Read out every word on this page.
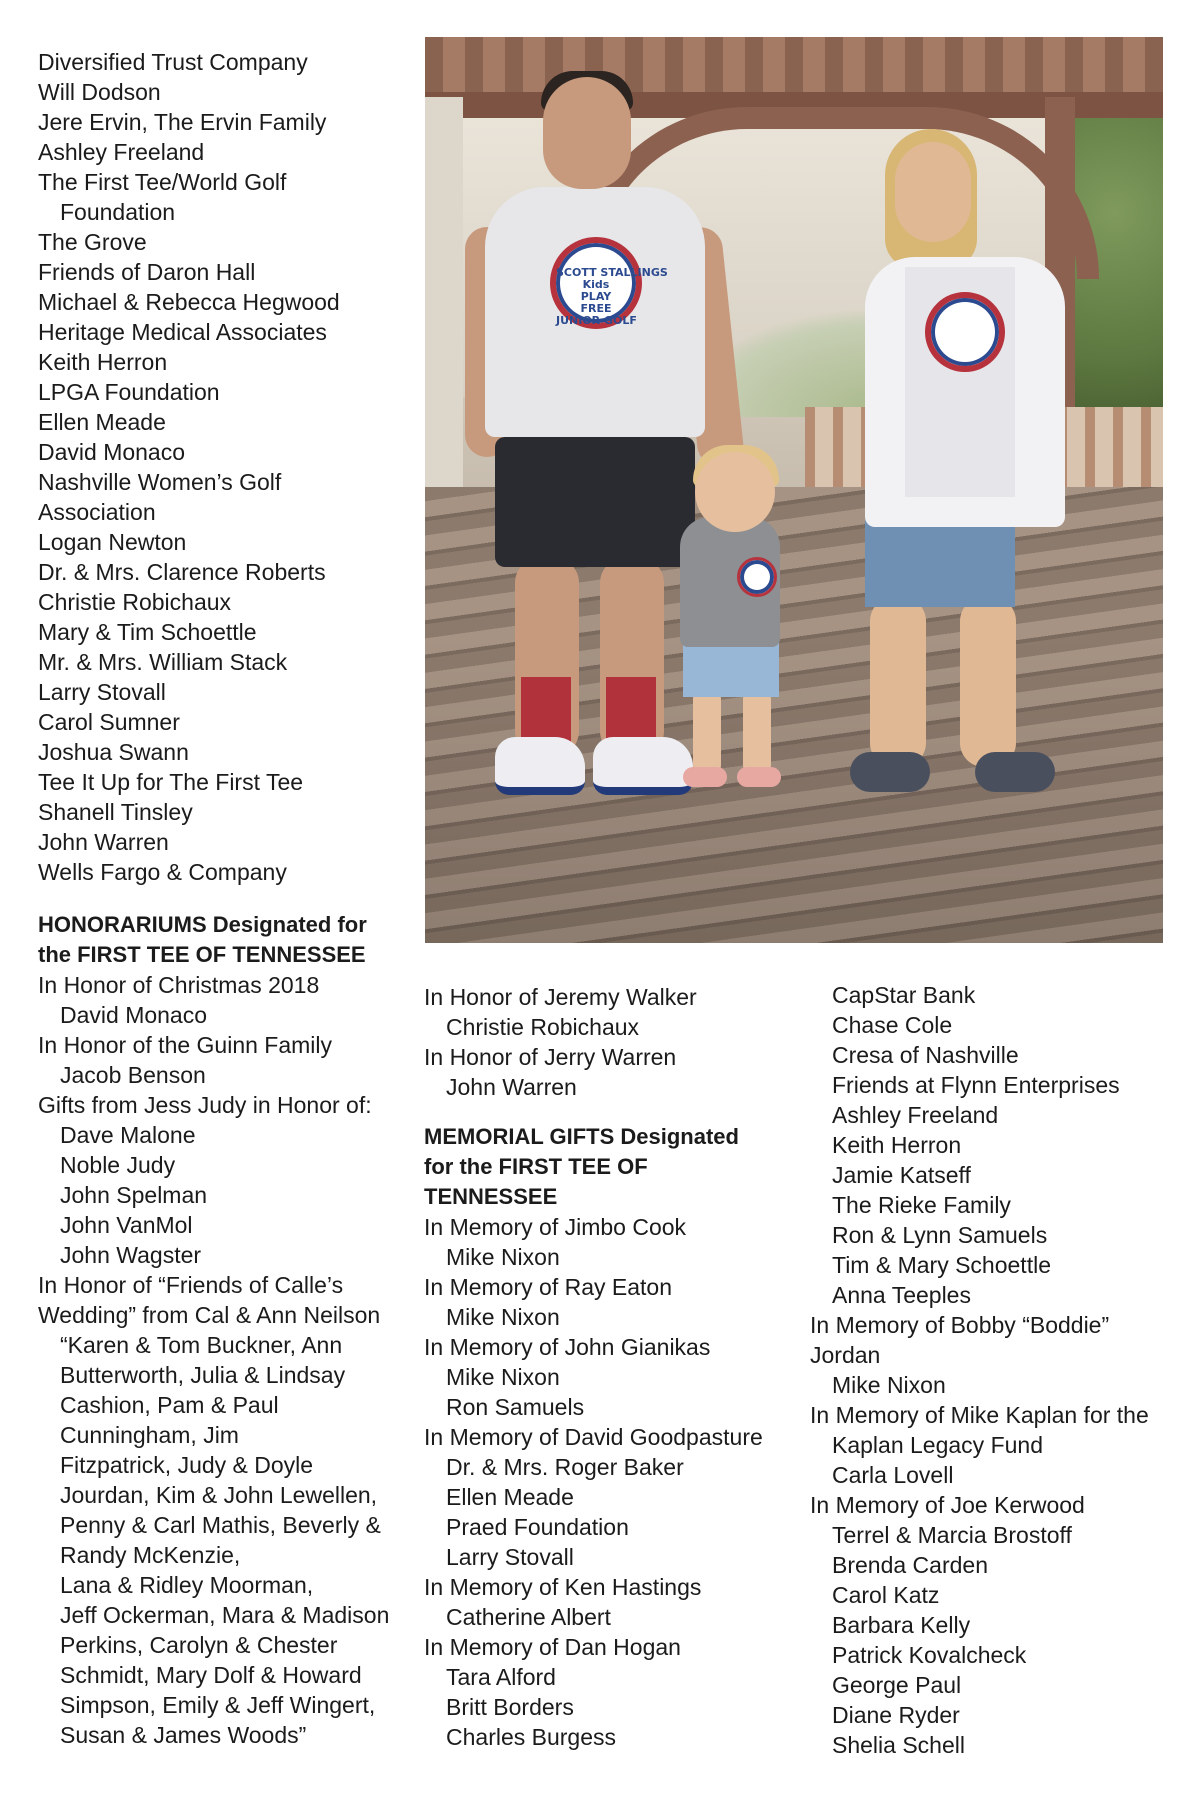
Diversified Trust Company

Will Dodson

Jere Ervin, The Ervin Family

Ashley Freeland

The First Tee/World Golf

Foundation

The Grove

Friends of Daron Hall

Michael & Rebecca Hegwood

Heritage Medical Associates

Keith Herron

LPGA Foundation

Ellen Meade

David Monaco

Nashville Women’s Golf

Association

Logan Newton

Dr. & Mrs. Clarence Roberts

Christie Robichaux

Mary & Tim Schoettle

Mr. & Mrs. William Stack

Larry Stovall

Carol Sumner

Joshua Swann

Tee It Up for The First Tee

Shanell Tinsley

John Warren

Wells Fargo & Company

HONORARIUMS Designated for

the FIRST TEE OF TENNESSEE

In Honor of Christmas 2018

David Monaco

In Honor of the Guinn Family

Jacob Benson

Gifts from Jess Judy in Honor of:

Dave Malone

Noble Judy

John Spelman

John VanMol

John Wagster

In Honor of “Friends of Calle’s

Wedding” from Cal & Ann Neilson

“Karen & Tom Buckner, Ann

Butterworth, Julia & Lindsay

Cashion, Pam & Paul

Cunningham, Jim

Fitzpatrick, Judy & Doyle

Jourdan, Kim & John Lewellen,

Penny & Carl Mathis, Beverly &

Randy McKenzie,

Lana & Ridley Moorman,

Jeff Ockerman, Mara & Madison

Perkins, Carolyn & Chester

Schmidt, Mary Dolf & Howard

Simpson, Emily & Jeff Wingert,

Susan & James Woods”

SCOTT STALLINGS
Kids
PLAY
FREE
JUNIOR GOLF

In Honor of Jeremy Walker

Christie Robichaux

In Honor of Jerry Warren

John Warren

MEMORIAL GIFTS Designated

for the FIRST TEE OF

TENNESSEE

In Memory of Jimbo Cook

Mike Nixon

In Memory of Ray Eaton

Mike Nixon

In Memory of John Gianikas

Mike Nixon

Ron Samuels

In Memory of David Goodpasture

Dr. & Mrs. Roger Baker

Ellen Meade

Praed Foundation

Larry Stovall

In Memory of Ken Hastings

Catherine Albert

In Memory of Dan Hogan

Tara Alford

Britt Borders

Charles Burgess

CapStar Bank

Chase Cole

Cresa of Nashville

Friends at Flynn Enterprises

Ashley Freeland

Keith Herron

Jamie Katseff

The Rieke Family

Ron & Lynn Samuels

Tim & Mary Schoettle

Anna Teeples

In Memory of Bobby “Boddie”

Jordan

Mike Nixon

In Memory of Mike Kaplan for the

Kaplan Legacy Fund

Carla Lovell

In Memory of Joe Kerwood

Terrel & Marcia Brostoff

Brenda Carden

Carol Katz

Barbara Kelly

Patrick Kovalcheck

George Paul

Diane Ryder

Shelia Schell
